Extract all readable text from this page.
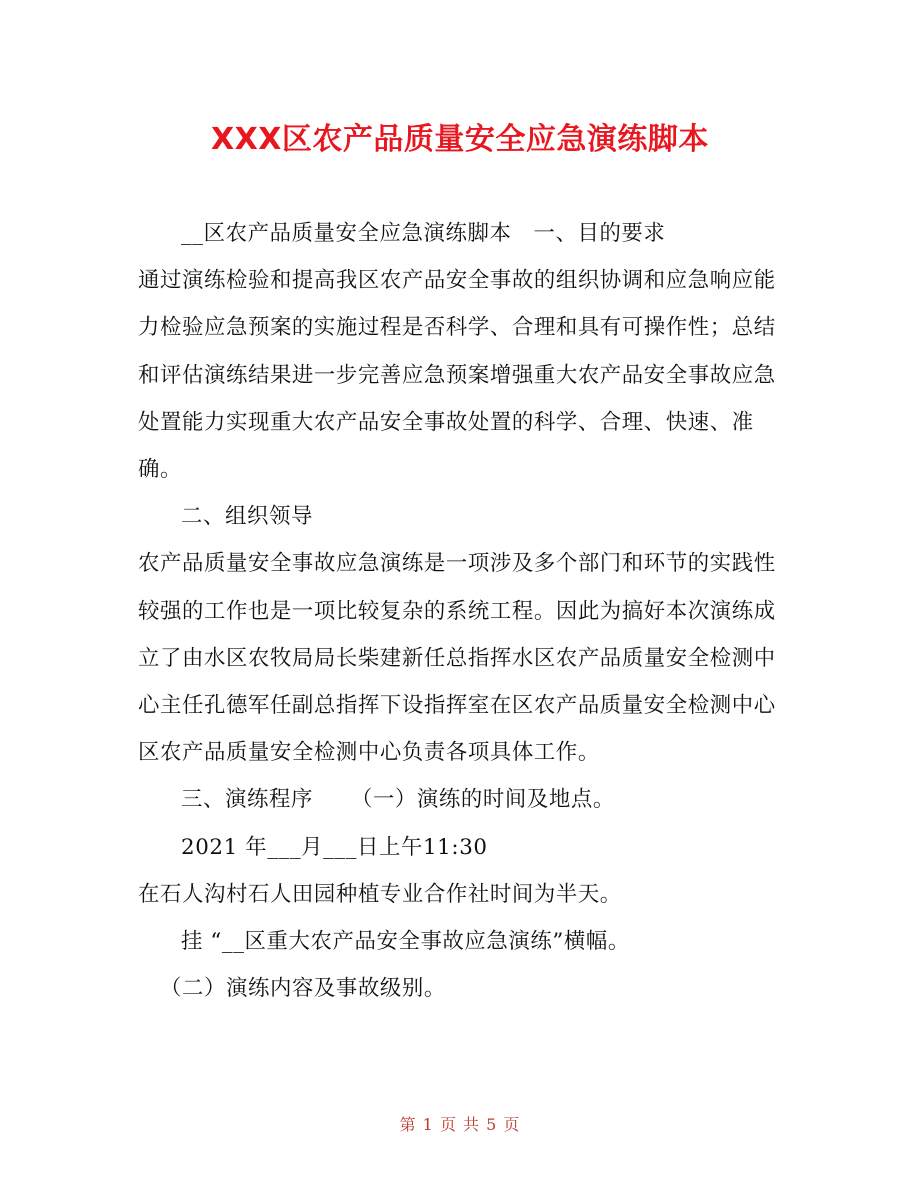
XXX区农产品质量安全应急演练脚本

__区农产品质量安全应急演练脚本 一、目的要求

通过演练检验和提高我区农产品安全事故的组织协调和应急响应能力检验应急预案的实施过程是否科学、合理和具有可操作性；总结和评估演练结果进一步完善应急预案增强重大农产品安全事故应急处置能力实现重大农产品安全事故处置的科学、合理、快速、准确。

二、组织领导

农产品质量安全事故应急演练是一项涉及多个部门和环节的实践性较强的工作也是一项比较复杂的系统工程。因此为搞好本次演练成立了由水区农牧局局长柴建新任总指挥水区农产品质量安全检测中心主任孔德军任副总指挥下设指挥室在区农产品质量安全检测中心区农产品质量安全检测中心负责各项具体工作。

三、演练程序 （一）演练的时间及地点。

2021 年___月___日上午11:30

在石人沟村石人田园种植专业合作社时间为半天。

挂 “__区重大农产品安全事故应急演练”横幅。

（二）演练内容及事故级别。

第 1 页 共 5 页
